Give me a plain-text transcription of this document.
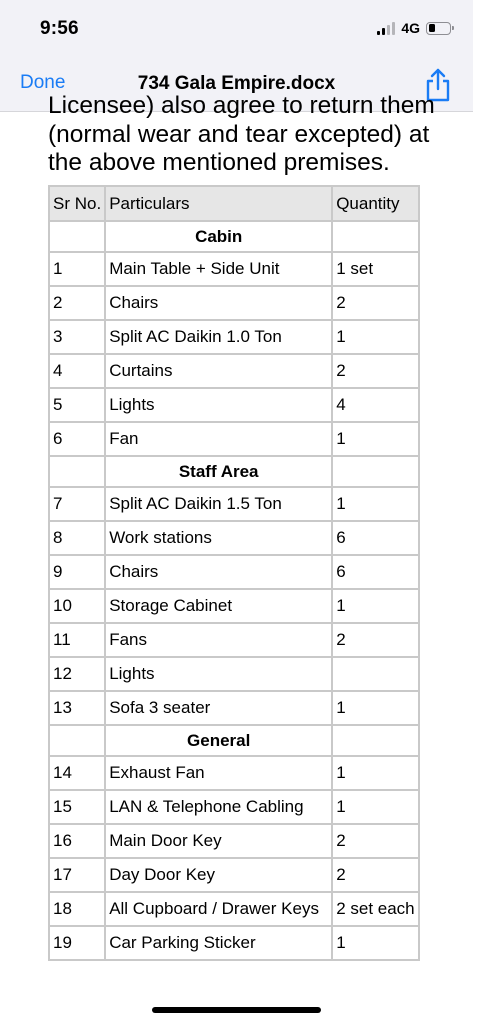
9:56	4G
Done	734 Gala Empire.docx
Licensee) also agree to return them
(normal wear and tear excepted) at
the above mentioned premises.
Sr No.	Particulars	Quantity
	Cabin	
1	Main Table + Side Unit	1 set
2	Chairs	2
3	Split AC Daikin 1.0 Ton	1
4	Curtains	2
5	Lights	4
6	Fan	1
	Staff Area	
7	Split AC Daikin 1.5 Ton	1
8	Work stations	6
9	Chairs	6
10	Storage Cabinet	1
11	Fans	2
12	Lights	
13	Sofa 3 seater	1
	General	
14	Exhaust Fan	1
15	LAN & Telephone Cabling	1
16	Main Door Key	2
17	Day Door Key	2
18	All Cupboard / Drawer Keys	2 set each
19	Car Parking Sticker	1
